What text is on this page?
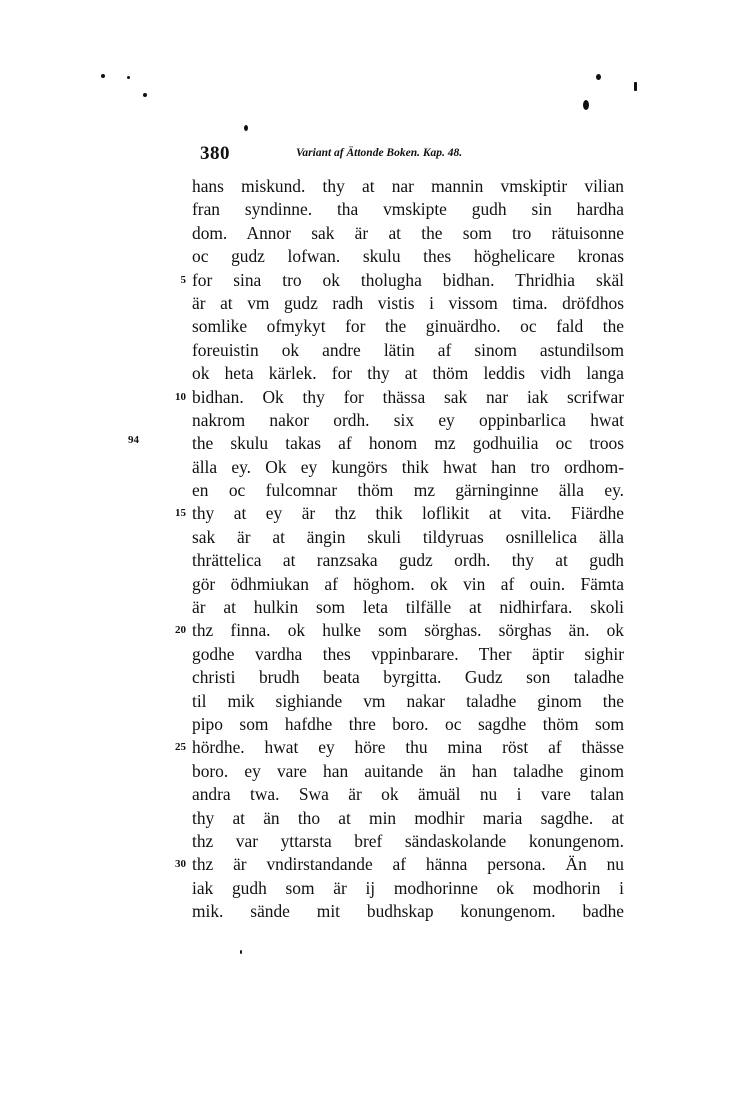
380	Variant af Ättonde Boken. Kap. 48.
94
hans miskund. thy at nar mannin vmskiptir vilian
fran syndinne. tha vmskipte gudh sin hardha
dom. Annor sak är at the som tro rätuisonne
oc gudz lofwan. skulu thes höghelicare kronas
5 for sina tro ok tholugha bidhan. Thridhia skäl
är at vm gudz radh vistis i vissom tima. dröfdhos
somlike ofmykyt for the ginuärdho. oc fald the
foreuistin ok andre lätin af sinom astundilsom
ok heta kärlek. for thy at thöm leddis vidh langa
10 bidhan. Ok thy for thässa sak nar iak scrifwar
nakrom nakor ordh. six ey oppinbarlica hwat
the skulu takas af honom mz godhuilia oc troos
älla ey. Ok ey kungörs thik hwat han tro ordhom-
en oc fulcomnar thöm mz gärninginne älla ey.
15 thy at ey är thz thik loflikit at vita. Fiärdhe
sak är at ängin skuli tildyruas osnillelica älla
thrättelica at ranzsaka gudz ordh. thy at gudh
gör ödhmiukan af höghom. ok vin af ouin. Fämta
är at hulkin som leta tilfälle at nidhirfara. skoli
20 thz finna. ok hulke som sörghas. sörghas än. ok
godhe vardha thes vppinbarare. Ther äptir sighir
christi brudh beata byrgitta. Gudz son taladhe
til mik sighiande vm nakar taladhe ginom the
pipo som hafdhe thre boro. oc sagdhe thöm som
25 hördhe. hwat ey höre thu mina röst af thässe
boro. ey vare han auitande än han taladhe ginom
andra twa. Swa är ok ämuäl nu i vare talan
thy at än tho at min modhir maria sagdhe. at
thz var yttarsta bref sändaskolande konungenom.
30 thz är vndirstandande af hänna persona. Än nu
iak gudh som är ij modhorinne ok modhorin i
mik. sände mit budhskap konungenom. badhe
